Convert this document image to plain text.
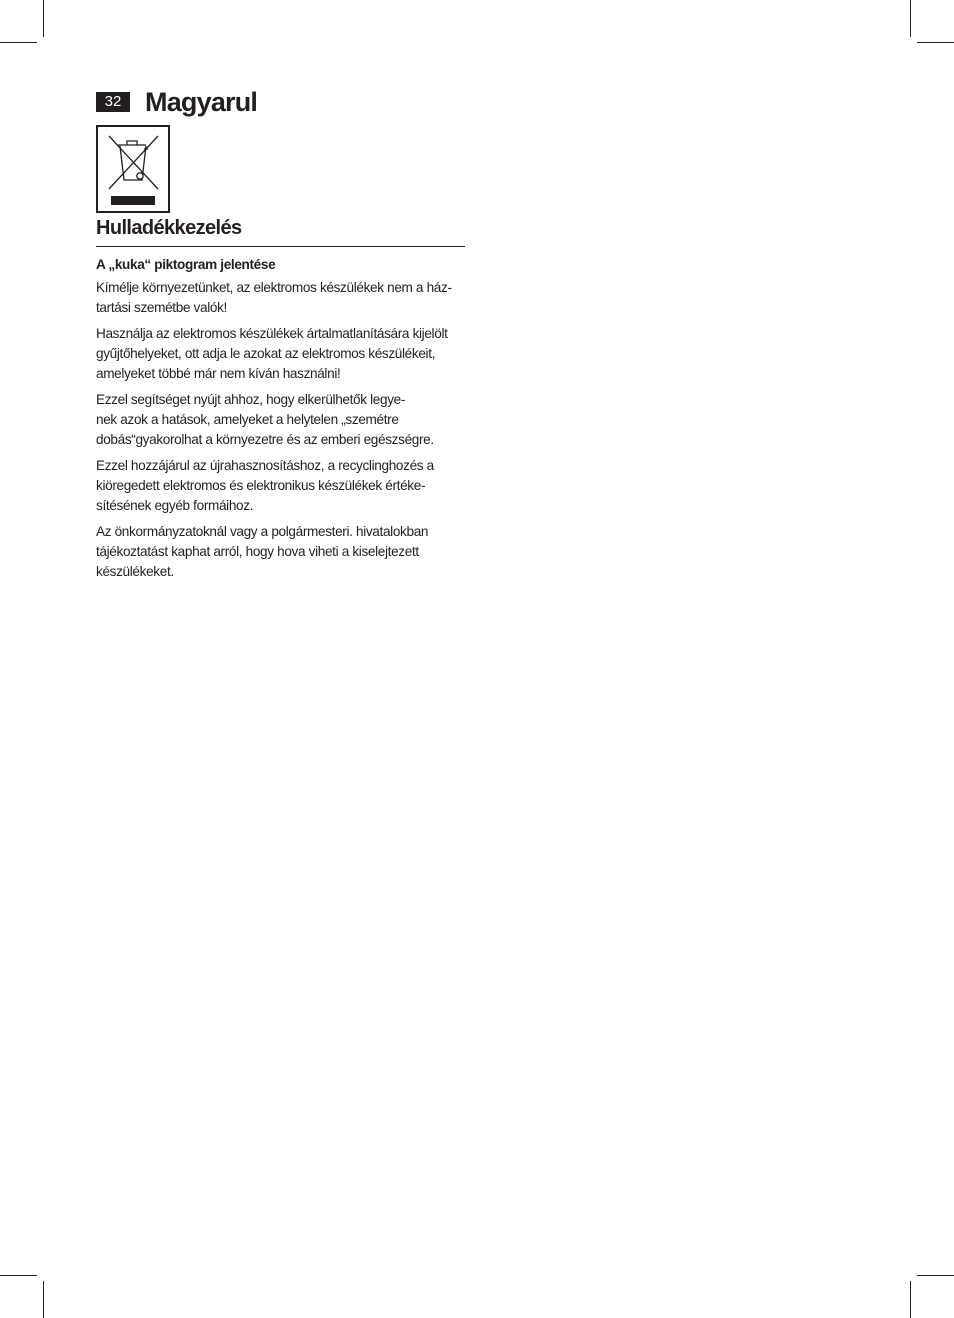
32 Magyarul
Hulladékkezelés
A „kuka“ piktogram jelentése

Kímélje környezetünket, az elektromos készülékek nem a ház-
tartási szemétbe valók!

Használja az elektromos készülékek ártalmatlanítására kijelölt
gyűjtőhelyeket, ott adja le azokat az elektromos készülékeit,
amelyeket többé már nem kíván használni!

Ezzel segítséget nyújt ahhoz, hogy elkerülhetők legye-
nek azok a hatások, amelyeket a helytelen „szemétre
dobás“gyakorolhat a környezetre és az emberi egészségre.

Ezzel hozzájárul az újrahasznosításhoz, a recyclinghozés a
kiöregedett elektromos és elektronikus készülékek értéke-
sítésének egyéb formáihoz.

Az önkormányzatoknál vagy a polgármesteri. hivatalokban
tájékoztatást kaphat arról, hogy hova viheti a kiselejtezett
készülékeket.
